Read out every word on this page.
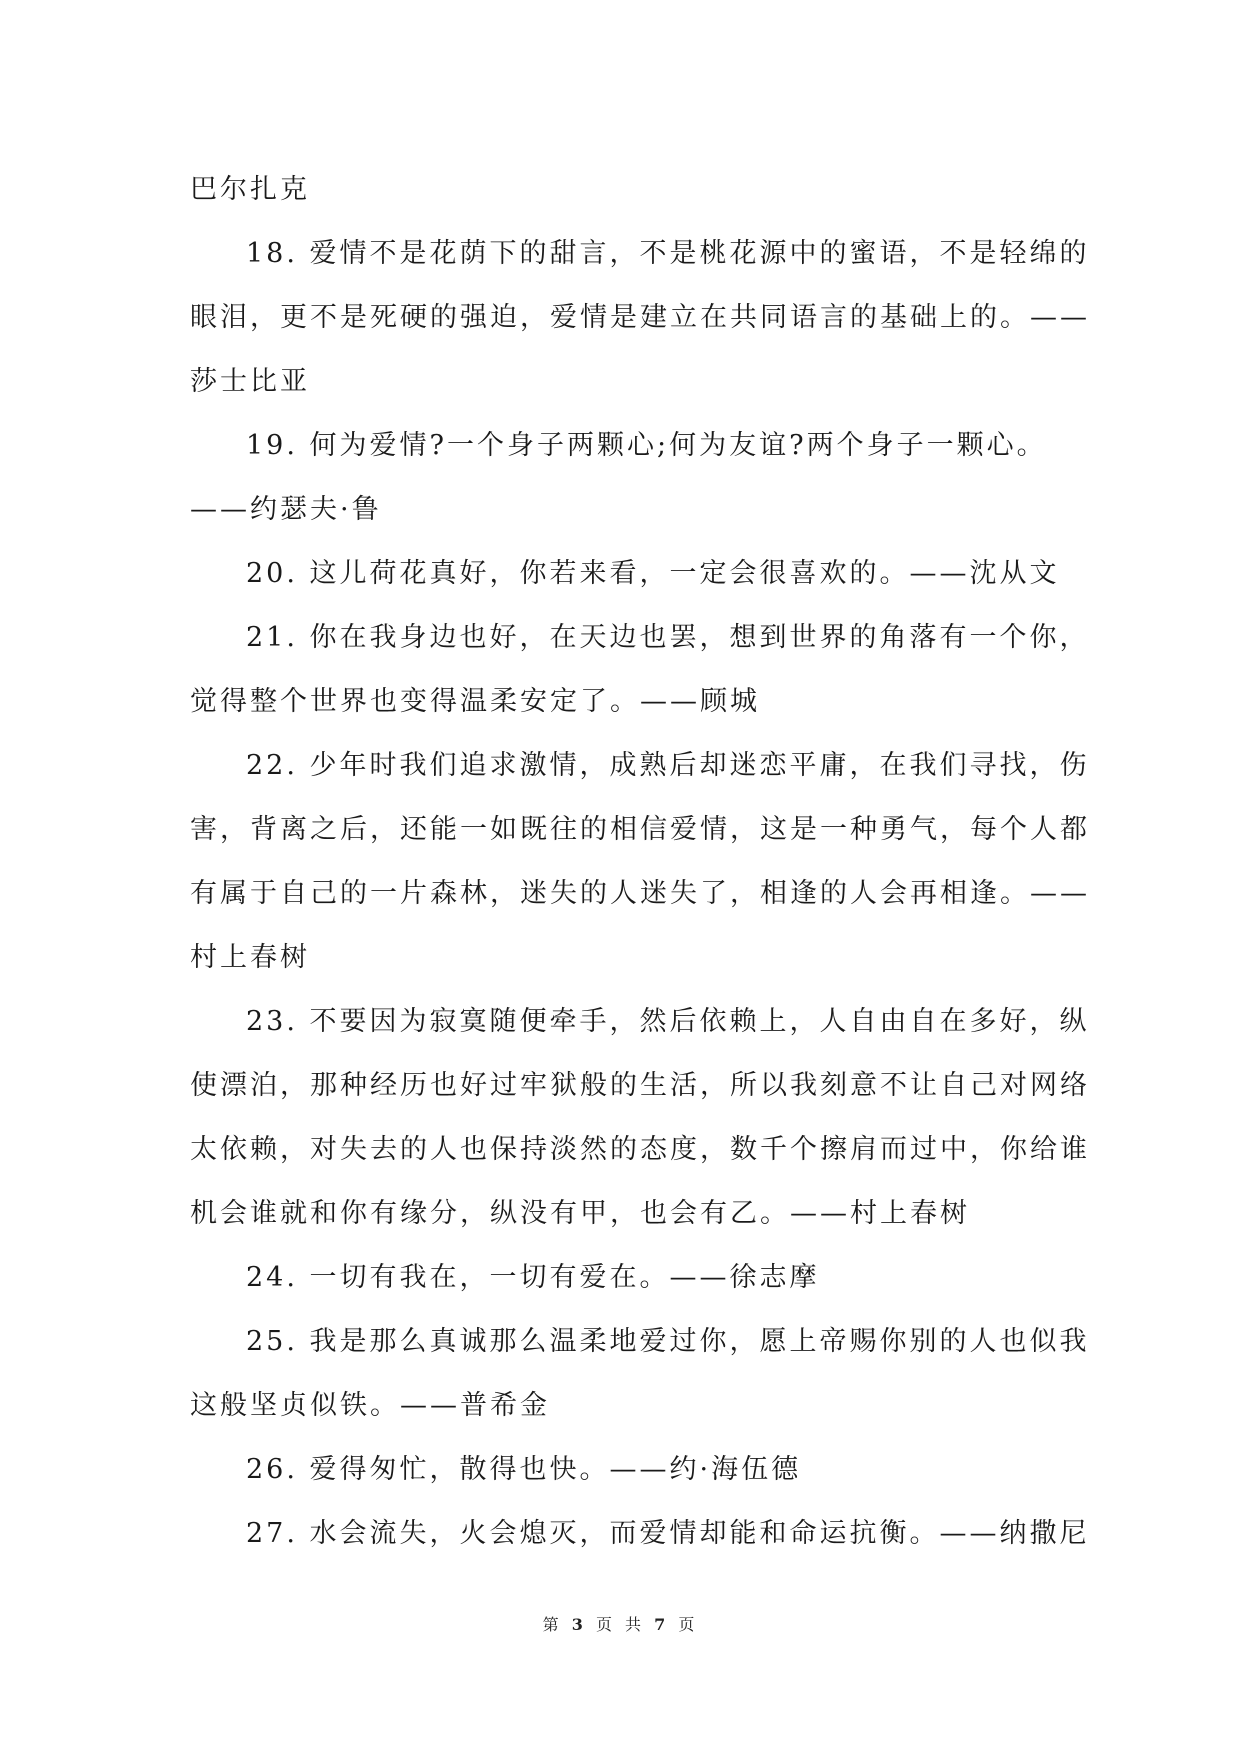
巴尔扎克
18. 爱情不是花荫下的甜言，不是桃花源中的蜜语，不是轻绵的
眼泪，更不是死硬的强迫，爱情是建立在共同语言的基础上的。——
莎士比亚
19. 何为爱情?一个身子两颗心;何为友谊?两个身子一颗心。
——约瑟夫·鲁
20. 这儿荷花真好，你若来看，一定会很喜欢的。——沈从文
21. 你在我身边也好，在天边也罢，想到世界的角落有一个你，
觉得整个世界也变得温柔安定了。——顾城
22. 少年时我们追求激情，成熟后却迷恋平庸，在我们寻找，伤
害，背离之后，还能一如既往的相信爱情，这是一种勇气，每个人都
有属于自己的一片森林，迷失的人迷失了，相逢的人会再相逢。——
村上春树
23. 不要因为寂寞随便牵手，然后依赖上，人自由自在多好，纵
使漂泊，那种经历也好过牢狱般的生活，所以我刻意不让自己对网络
太依赖，对失去的人也保持淡然的态度，数千个擦肩而过中，你给谁
机会谁就和你有缘分，纵没有甲，也会有乙。——村上春树
24. 一切有我在，一切有爱在。——徐志摩
25. 我是那么真诚那么温柔地爱过你，愿上帝赐你别的人也似我
这般坚贞似铁。——普希金
26. 爱得匆忙，散得也快。——约·海伍德
27. 水会流失，火会熄灭，而爱情却能和命运抗衡。——纳撒尼
第 3 页 共 7 页
